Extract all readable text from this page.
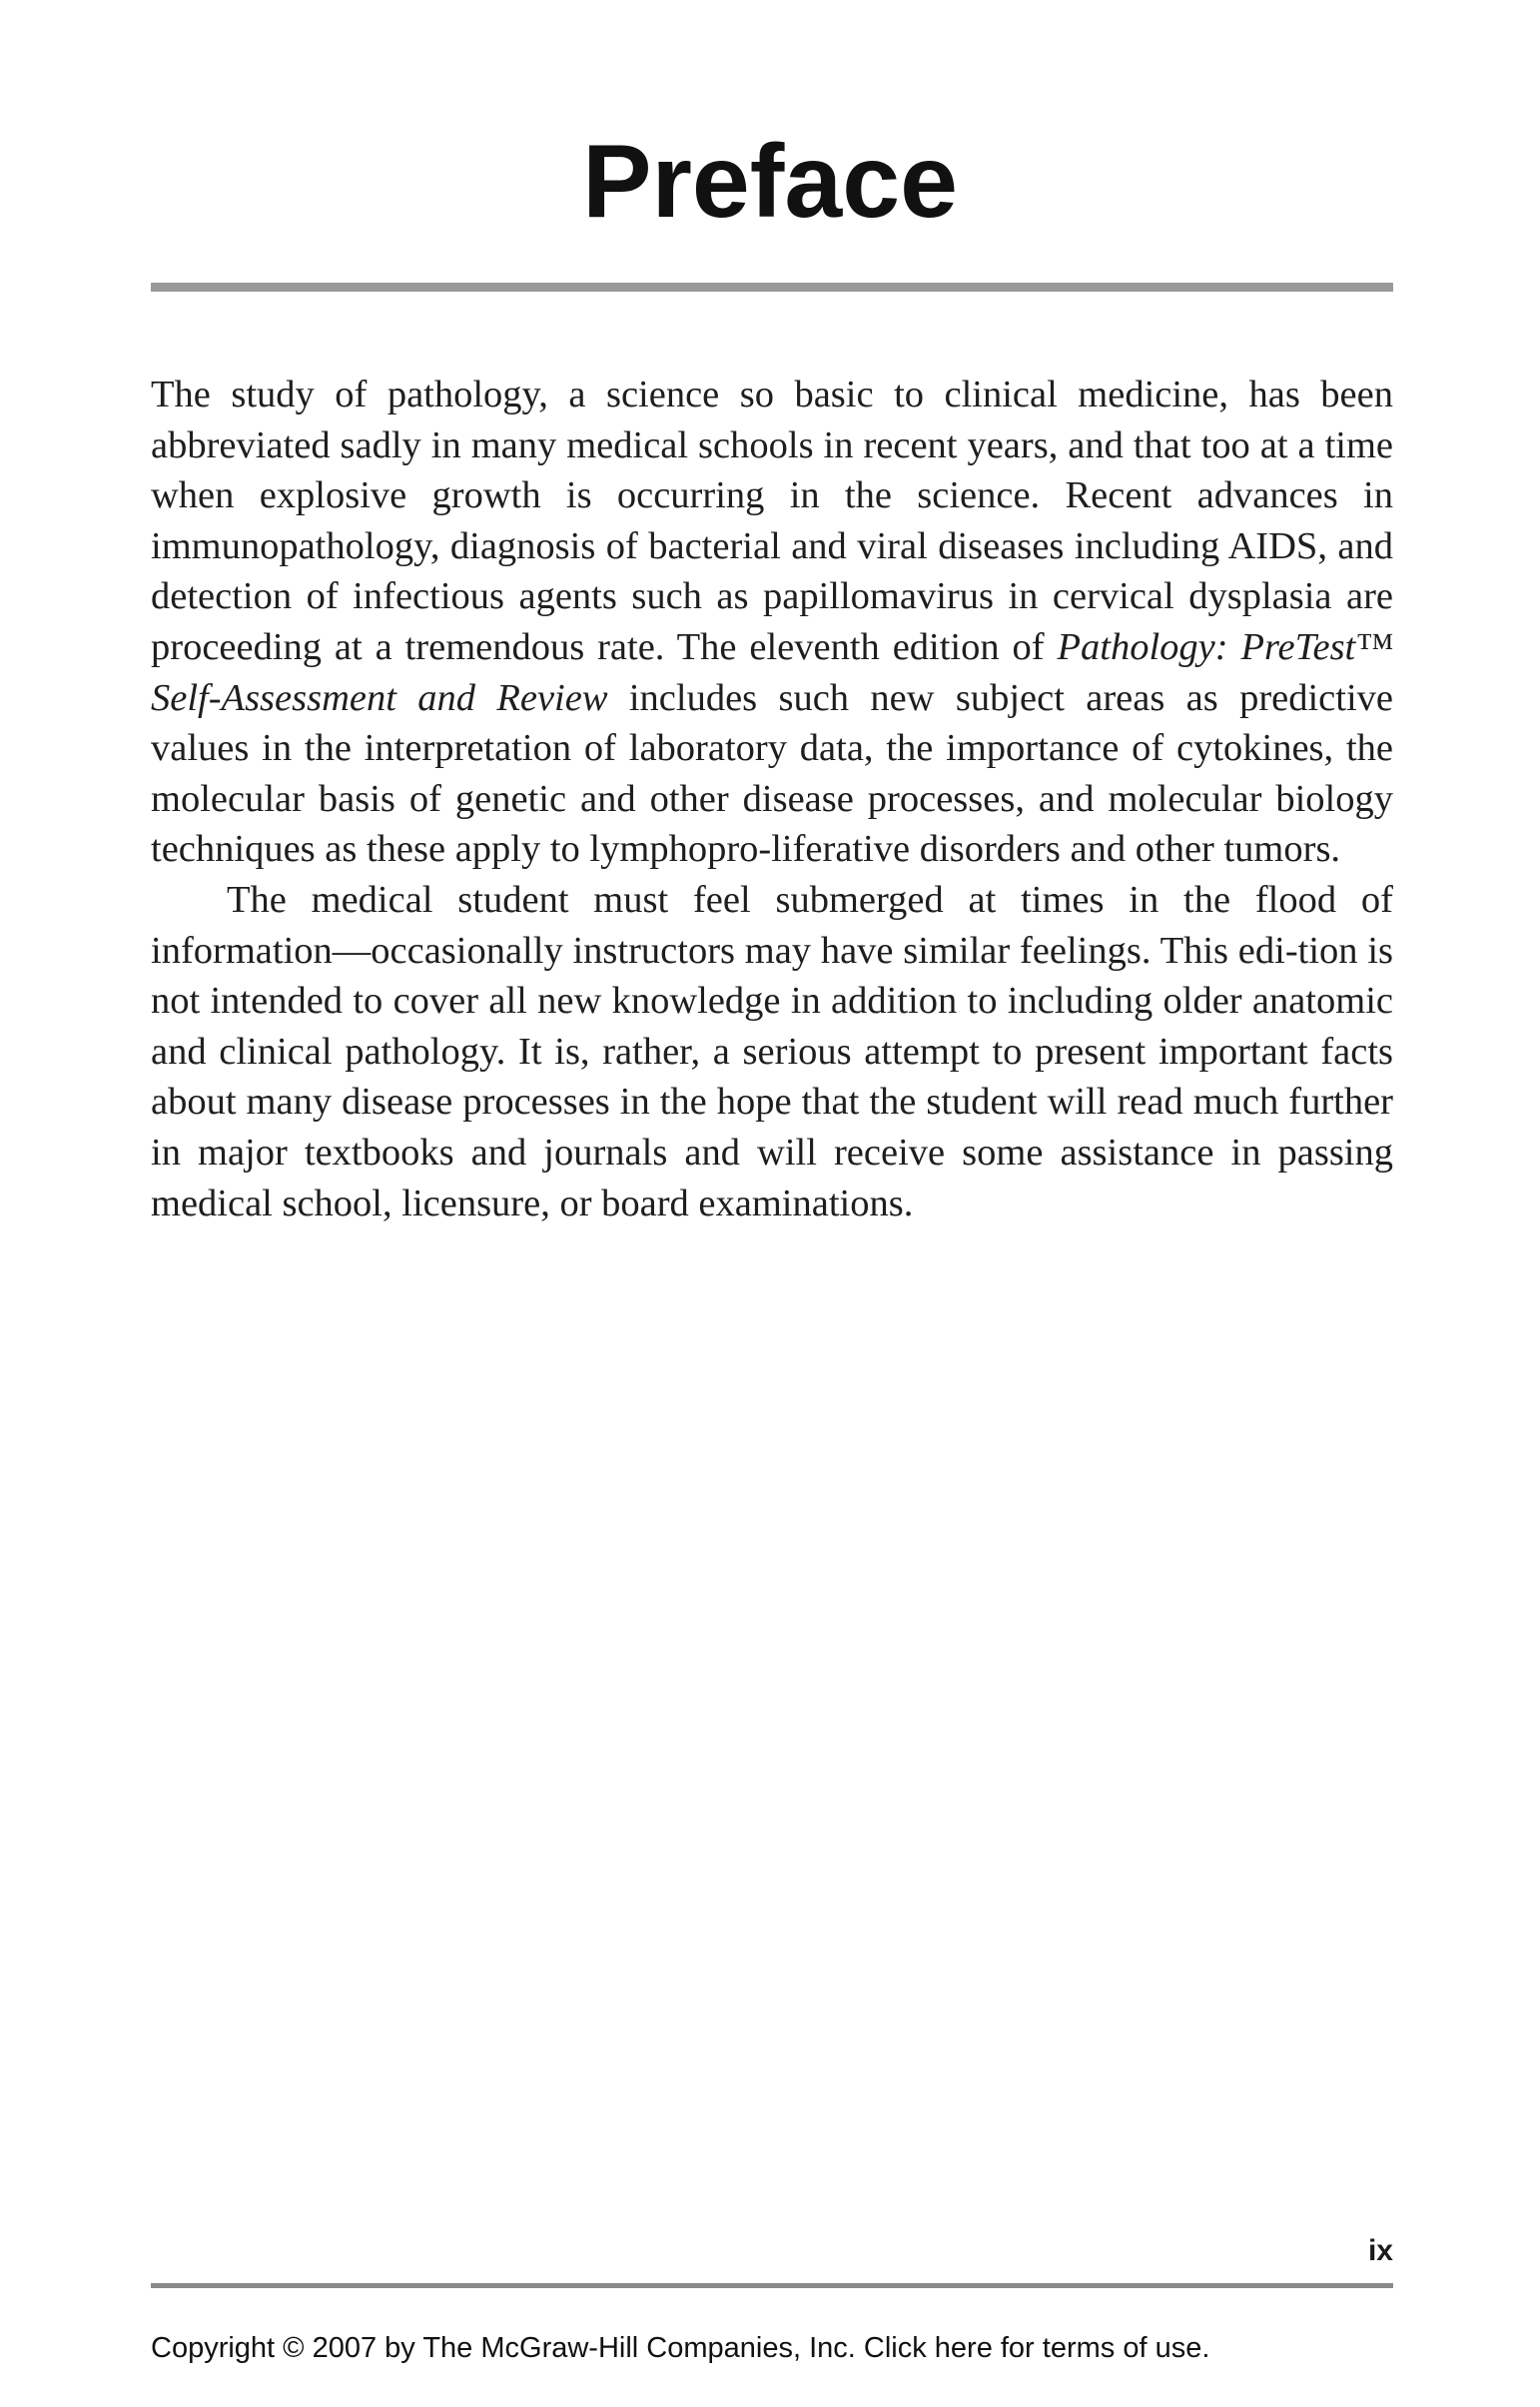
Preface

The study of pathology, a science so basic to clinical medicine, has been abbreviated sadly in many medical schools in recent years, and that too at a time when explosive growth is occurring in the science. Recent advances in immunopathology, diagnosis of bacterial and viral diseases including AIDS, and detection of infectious agents such as papillomavirus in cervical dysplasia are proceeding at a tremendous rate. The eleventh edition of Pathology: PreTest™ Self-Assessment and Review includes such new subject areas as predictive values in the interpretation of laboratory data, the importance of cytokines, the molecular basis of genetic and other disease processes, and molecular biology techniques as these apply to lymphopro-liferative disorders and other tumors.

The medical student must feel submerged at times in the flood of information—occasionally instructors may have similar feelings. This edi-tion is not intended to cover all new knowledge in addition to including older anatomic and clinical pathology. It is, rather, a serious attempt to present important facts about many disease processes in the hope that the student will read much further in major textbooks and journals and will receive some assistance in passing medical school, licensure, or board examinations.

ix
Copyright © 2007 by The McGraw-Hill Companies, Inc. Click here for terms of use.
